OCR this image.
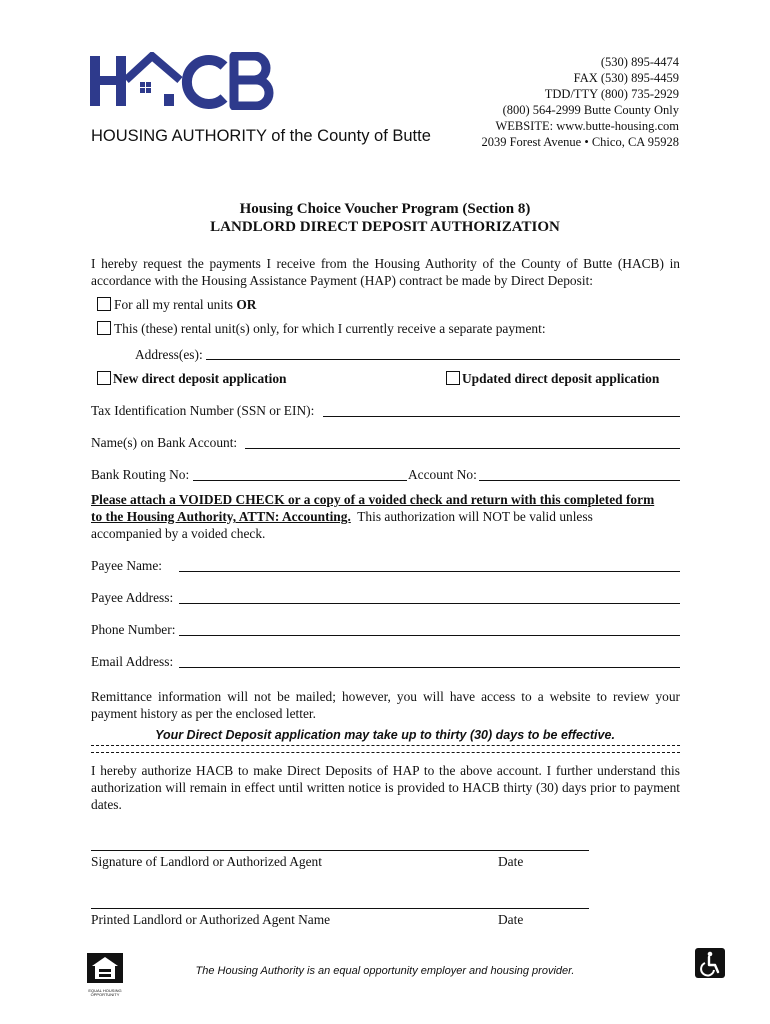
HOUSING AUTHORITY of the County of Butte
(530) 895-4474
FAX (530) 895-4459
TDD/TTY (800) 735-2929
(800) 564-2999 Butte County Only
WEBSITE: www.butte-housing.com
2039 Forest Avenue • Chico, CA 95928
Housing Choice Voucher Program (Section 8)
LANDLORD DIRECT DEPOSIT AUTHORIZATION
I hereby request the payments I receive from the Housing Authority of the County of Butte (HACB) in accordance with the Housing Assistance Payment (HAP) contract be made by Direct Deposit:
For all my rental units OR
This (these) rental unit(s) only, for which I currently receive a separate payment:
Address(es):
New direct deposit application	Updated direct deposit application
Tax Identification Number (SSN or EIN):
Name(s) on Bank Account:
Bank Routing No:	Account No:
Please attach a VOIDED CHECK or a copy of a voided check and return with this completed form
to the Housing Authority, ATTN: Accounting.  This authorization will NOT be valid unless
accompanied by a voided check.
Payee Name:
Payee Address:
Phone Number:
Email Address:
Remittance information will not be mailed; however, you will have access to a website to review your payment history as per the enclosed letter.
Your Direct Deposit application may take up to thirty (30) days to be effective.
I hereby authorize HACB to make Direct Deposits of HAP to the above account. I further understand this authorization will remain in effect until written notice is provided to HACB thirty (30) days prior to payment dates.
Signature of Landlord or Authorized Agent	Date
Printed Landlord or Authorized Agent Name	Date
EQUAL HOUSING OPPORTUNITY
The Housing Authority is an equal opportunity employer and housing provider.
